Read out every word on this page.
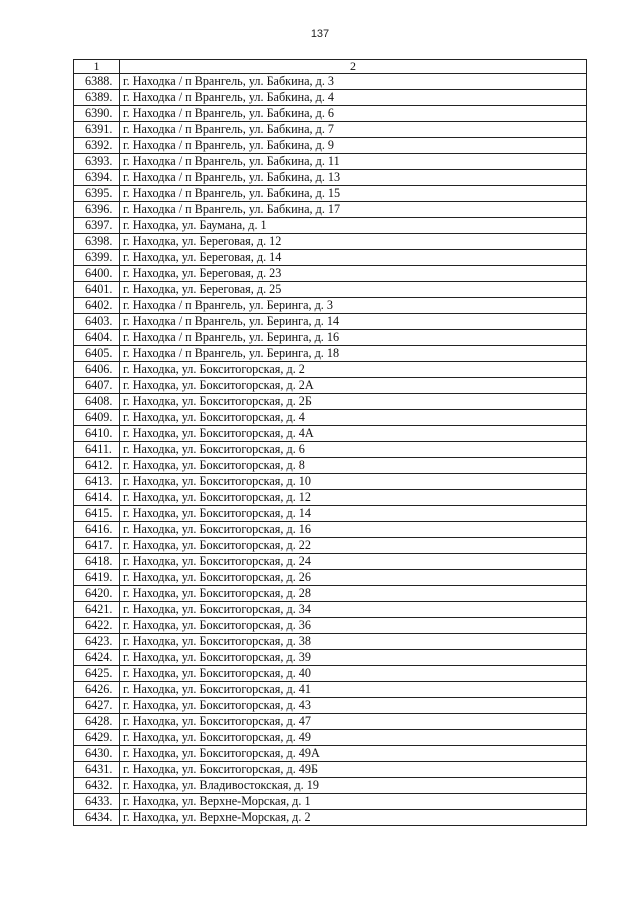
137
1	2
6388.	г. Находка / п Врангель, ул. Бабкина, д. 3
6389.	г. Находка / п Врангель, ул. Бабкина, д. 4
6390.	г. Находка / п Врангель, ул. Бабкина, д. 6
6391.	г. Находка / п Врангель, ул. Бабкина, д. 7
6392.	г. Находка / п Врангель, ул. Бабкина, д. 9
6393.	г. Находка / п Врангель, ул. Бабкина, д. 11
6394.	г. Находка / п Врангель, ул. Бабкина, д. 13
6395.	г. Находка / п Врангель, ул. Бабкина, д. 15
6396.	г. Находка / п Врангель, ул. Бабкина, д. 17
6397.	г. Находка, ул. Баумана, д. 1
6398.	г. Находка, ул. Береговая, д. 12
6399.	г. Находка, ул. Береговая, д. 14
6400.	г. Находка, ул. Береговая, д. 23
6401.	г. Находка, ул. Береговая, д. 25
6402.	г. Находка / п Врангель, ул. Беринга, д. 3
6403.	г. Находка / п Врангель, ул. Беринга, д. 14
6404.	г. Находка / п Врангель, ул. Беринга, д. 16
6405.	г. Находка / п Врангель, ул. Беринга, д. 18
6406.	г. Находка, ул. Бокситогорская, д. 2
6407.	г. Находка, ул. Бокситогорская, д. 2А
6408.	г. Находка, ул. Бокситогорская, д. 2Б
6409.	г. Находка, ул. Бокситогорская, д. 4
6410.	г. Находка, ул. Бокситогорская, д. 4А
6411.	г. Находка, ул. Бокситогорская, д. 6
6412.	г. Находка, ул. Бокситогорская, д. 8
6413.	г. Находка, ул. Бокситогорская, д. 10
6414.	г. Находка, ул. Бокситогорская, д. 12
6415.	г. Находка, ул. Бокситогорская, д. 14
6416.	г. Находка, ул. Бокситогорская, д. 16
6417.	г. Находка, ул. Бокситогорская, д. 22
6418.	г. Находка, ул. Бокситогорская, д. 24
6419.	г. Находка, ул. Бокситогорская, д. 26
6420.	г. Находка, ул. Бокситогорская, д. 28
6421.	г. Находка, ул. Бокситогорская, д. 34
6422.	г. Находка, ул. Бокситогорская, д. 36
6423.	г. Находка, ул. Бокситогорская, д. 38
6424.	г. Находка, ул. Бокситогорская, д. 39
6425.	г. Находка, ул. Бокситогорская, д. 40
6426.	г. Находка, ул. Бокситогорская, д. 41
6427.	г. Находка, ул. Бокситогорская, д. 43
6428.	г. Находка, ул. Бокситогорская, д. 47
6429.	г. Находка, ул. Бокситогорская, д. 49
6430.	г. Находка, ул. Бокситогорская, д. 49А
6431.	г. Находка, ул. Бокситогорская, д. 49Б
6432.	г. Находка, ул. Владивостокская, д. 19
6433.	г. Находка, ул. Верхне-Морская, д. 1
6434.	г. Находка, ул. Верхне-Морская, д. 2
